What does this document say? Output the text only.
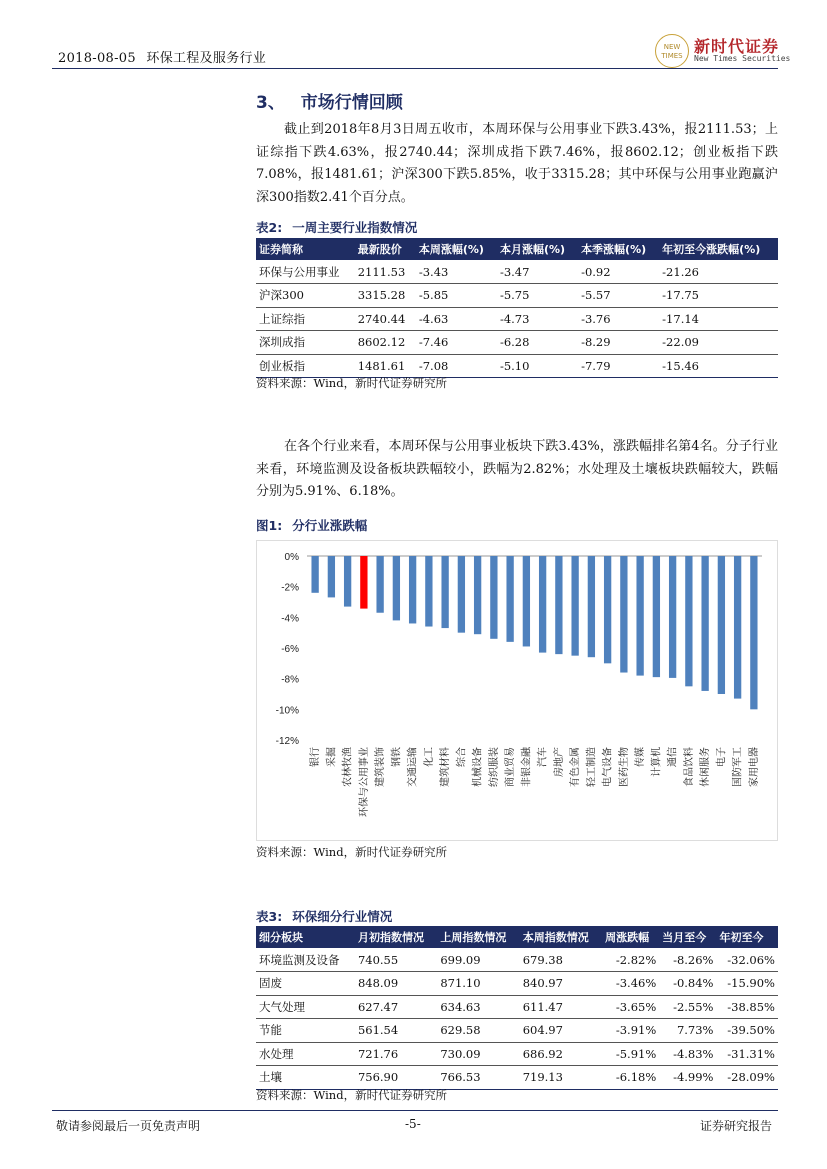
2018-08-05 环保工程及服务行业
NEW TIMES 新时代证券
New Times Securities
3、 市场行情回顾
截止到2018年8月3日周五收市，本周环保与公用事业下跌3.43%，报2111.53；上证综指下跌4.63%，报2740.44；深圳成指下跌7.46%，报8602.12；创业板指下跌7.08%，报1481.61；沪深300下跌5.85%，收于3315.28；其中环保与公用事业跑赢沪深300指数2.41个百分点。
表2: 一周主要行业指数情况
证券简称	最新股价	本周涨幅(%)	本月涨幅(%)	本季涨幅(%)	年初至今涨跌幅(%)
环保与公用事业	2111.53	-3.43	-3.47	-0.92	-21.26
沪深300	3315.28	-5.85	-5.75	-5.57	-17.75
上证综指	2740.44	-4.63	-4.73	-3.76	-17.14
深圳成指	8602.12	-7.46	-6.28	-8.29	-22.09
创业板指	1481.61	-7.08	-5.10	-7.79	-15.46
资料来源：Wind，新时代证券研究所
在各个行业来看，本周环保与公用事业板块下跌3.43%，涨跌幅排名第4名。分子行业来看，环境监测及设备板块跌幅较小，跌幅为2.82%；水处理及土壤板块跌幅较大，跌幅分别为5.91%、6.18%。
图1: 分行业涨跌幅
0%
-2%
-4%
-6%
-8%
-10%
-12%
银行 采掘 农林牧渔 环保与公用事业 建筑装饰 钢铁 交通运输 化工 建筑材料 综合 机械设备 纺织服装 商业贸易 非银金融 汽车 房地产 有色金属 轻工制造 电气设备 医药生物 传媒 计算机 通信 食品饮料 休闲服务 电子 国防军工 家用电器
资料来源：Wind，新时代证券研究所
表3: 环保细分行业情况
细分板块	月初指数情况	上周指数情况	本周指数情况	周涨跌幅	当月至今	年初至今
环境监测及设备	740.55	699.09	679.38	-2.82%	-8.26%	-32.06%
固废	848.09	871.10	840.97	-3.46%	-0.84%	-15.90%
大气处理	627.47	634.63	611.47	-3.65%	-2.55%	-38.85%
节能	561.54	629.58	604.97	-3.91%	7.73%	-39.50%
水处理	721.76	730.09	686.92	-5.91%	-4.83%	-31.31%
土壤	756.90	766.53	719.13	-6.18%	-4.99%	-28.09%
资料来源：Wind，新时代证券研究所
敬请参阅最后一页免责声明	-5-	证券研究报告
